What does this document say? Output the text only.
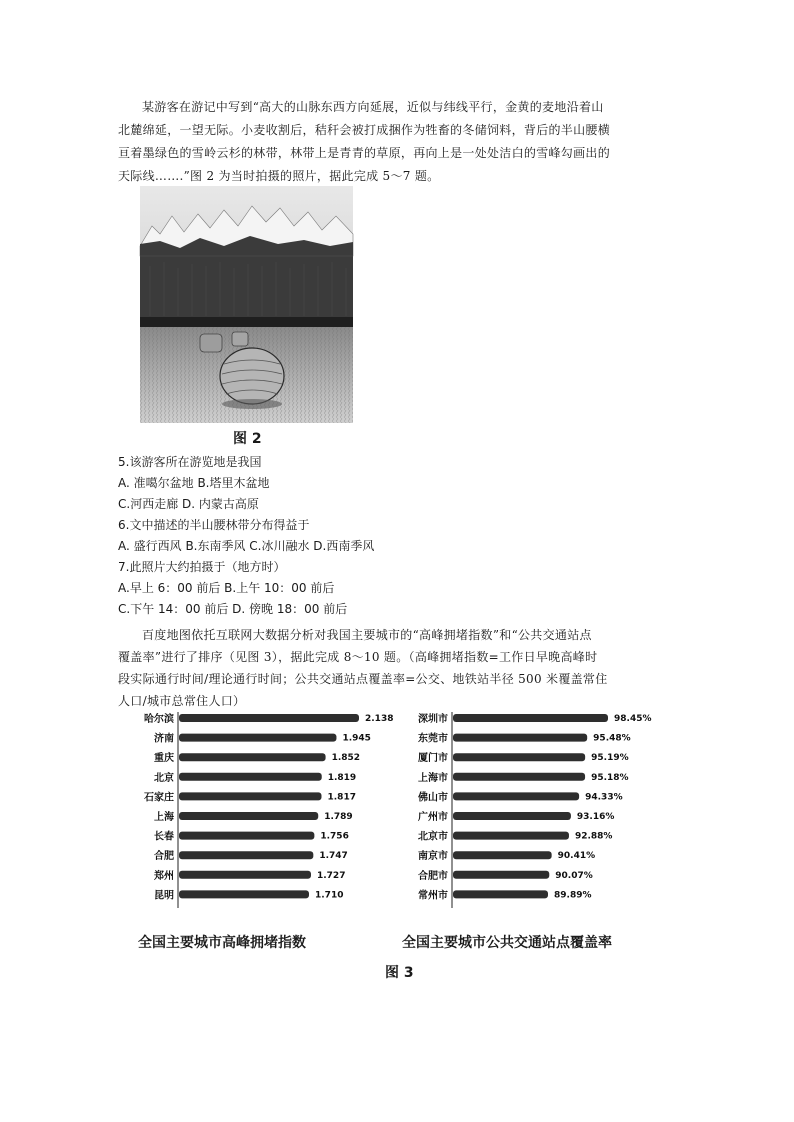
某游客在游记中写到“高大的山脉东西方向延展，近似与纬线平行，金黄的麦地沿着山
北麓绵延，一望无际。小麦收割后，秸秆会被打成捆作为牲畜的冬储饲料，背后的半山腰横
亘着墨绿色的雪岭云杉的林带，林带上是青青的草原，再向上是一处处洁白的雪峰勾画出的
天际线…….”图 2 为当时拍摄的照片，据此完成 5～7 题。
图 2
5.该游客所在游览地是我国
A. 准噶尔盆地 B.塔里木盆地
C.河西走廊 D. 内蒙古高原
6.文中描述的半山腰林带分布得益于
A. 盛行西风 B.东南季风 C.冰川融水 D.西南季风
7.此照片大约拍摄于（地方时）
A.早上 6：00 前后 B.上午 10：00 前后
C.下午 14：00 前后 D. 傍晚 18：00 前后
百度地图依托互联网大数据分析对我国主要城市的“高峰拥堵指数”和“公共交通站点
覆盖率”进行了排序（见图 3），据此完成 8～10 题。（高峰拥堵指数=工作日早晚高峰时
段实际通行时间/理论通行时间；公共交通站点覆盖率=公交、地铁站半径 500 米覆盖常住
人口/城市总常住人口）
哈尔滨	2.138
济南	1.945
重庆	1.852
北京	1.819
石家庄	1.817
上海	1.789
长春	1.756
合肥	1.747
郑州	1.727
昆明	1.710
全国主要城市高峰拥堵指数
深圳市	98.45%
东莞市	95.48%
厦门市	95.19%
上海市	95.18%
佛山市	94.33%
广州市	93.16%
北京市	92.88%
南京市	90.41%
合肥市	90.07%
常州市	89.89%
全国主要城市公共交通站点覆盖率
图 3
